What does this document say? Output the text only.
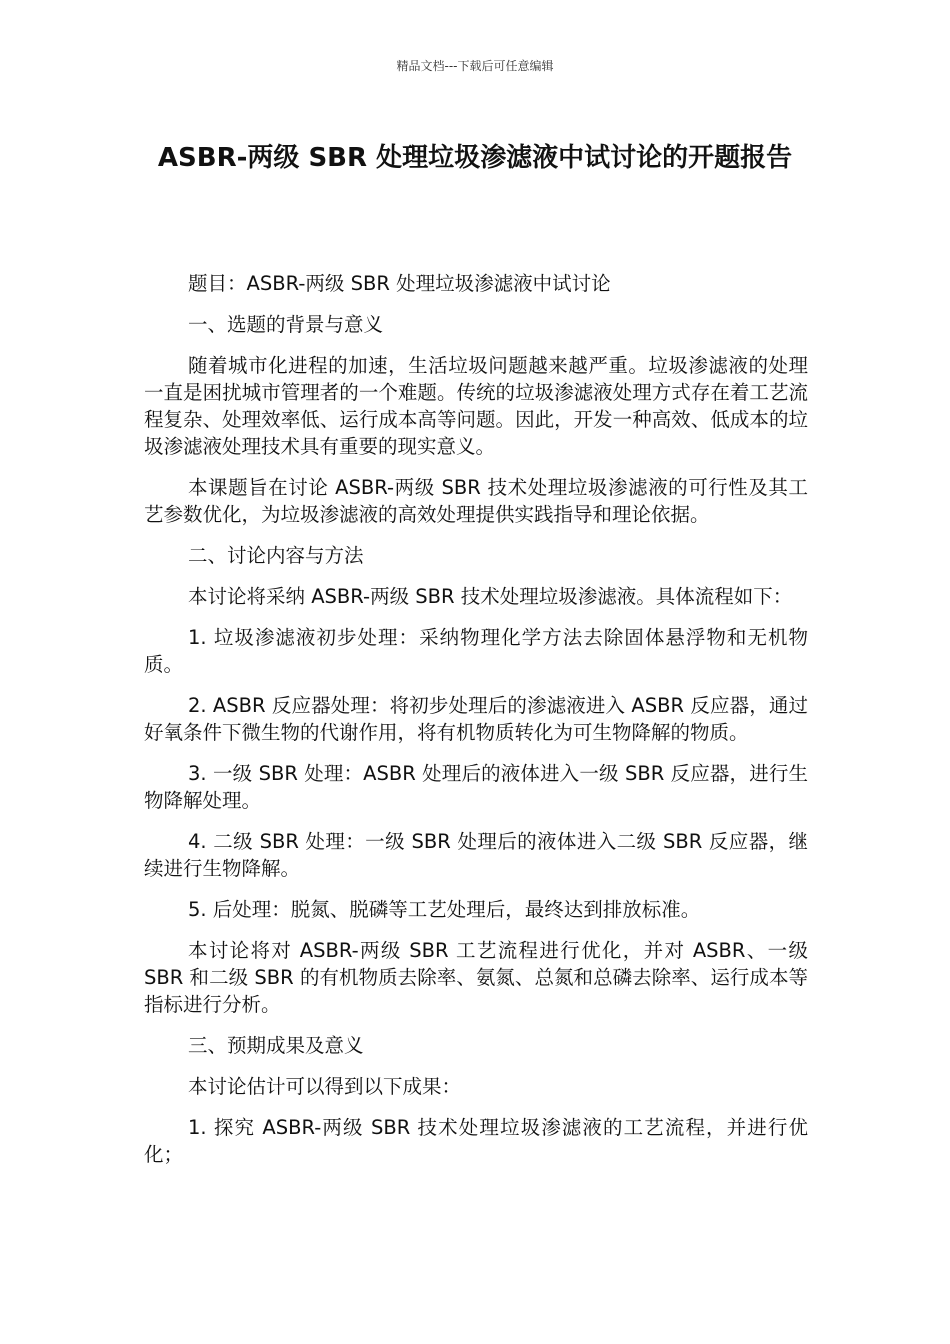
精品文档---下载后可任意编辑
ASBR-两级 SBR 处理垃圾渗滤液中试讨论的开题报告

题目：ASBR-两级 SBR 处理垃圾渗滤液中试讨论

一、选题的背景与意义

随着城市化进程的加速，生活垃圾问题越来越严重。垃圾渗滤液的处理一直是困扰城市管理者的一个难题。传统的垃圾渗滤液处理方式存在着工艺流程复杂、处理效率低、运行成本高等问题。因此，开发一种高效、低成本的垃圾渗滤液处理技术具有重要的现实意义。

本课题旨在讨论 ASBR-两级 SBR 技术处理垃圾渗滤液的可行性及其工艺参数优化，为垃圾渗滤液的高效处理提供实践指导和理论依据。

二、讨论内容与方法

本讨论将采纳 ASBR-两级 SBR 技术处理垃圾渗滤液。具体流程如下：

1. 垃圾渗滤液初步处理：采纳物理化学方法去除固体悬浮物和无机物质。

2. ASBR 反应器处理：将初步处理后的渗滤液进入 ASBR 反应器，通过好氧条件下微生物的代谢作用，将有机物质转化为可生物降解的物质。

3. 一级 SBR 处理：ASBR 处理后的液体进入一级 SBR 反应器，进行生物降解处理。

4. 二级 SBR 处理：一级 SBR 处理后的液体进入二级 SBR 反应器，继续进行生物降解。

5. 后处理：脱氮、脱磷等工艺处理后，最终达到排放标准。

本讨论将对 ASBR-两级 SBR 工艺流程进行优化，并对 ASBR、一级 SBR 和二级 SBR 的有机物质去除率、氨氮、总氮和总磷去除率、运行成本等指标进行分析。

三、预期成果及意义

本讨论估计可以得到以下成果：

1. 探究 ASBR-两级 SBR 技术处理垃圾渗滤液的工艺流程，并进行优化；
